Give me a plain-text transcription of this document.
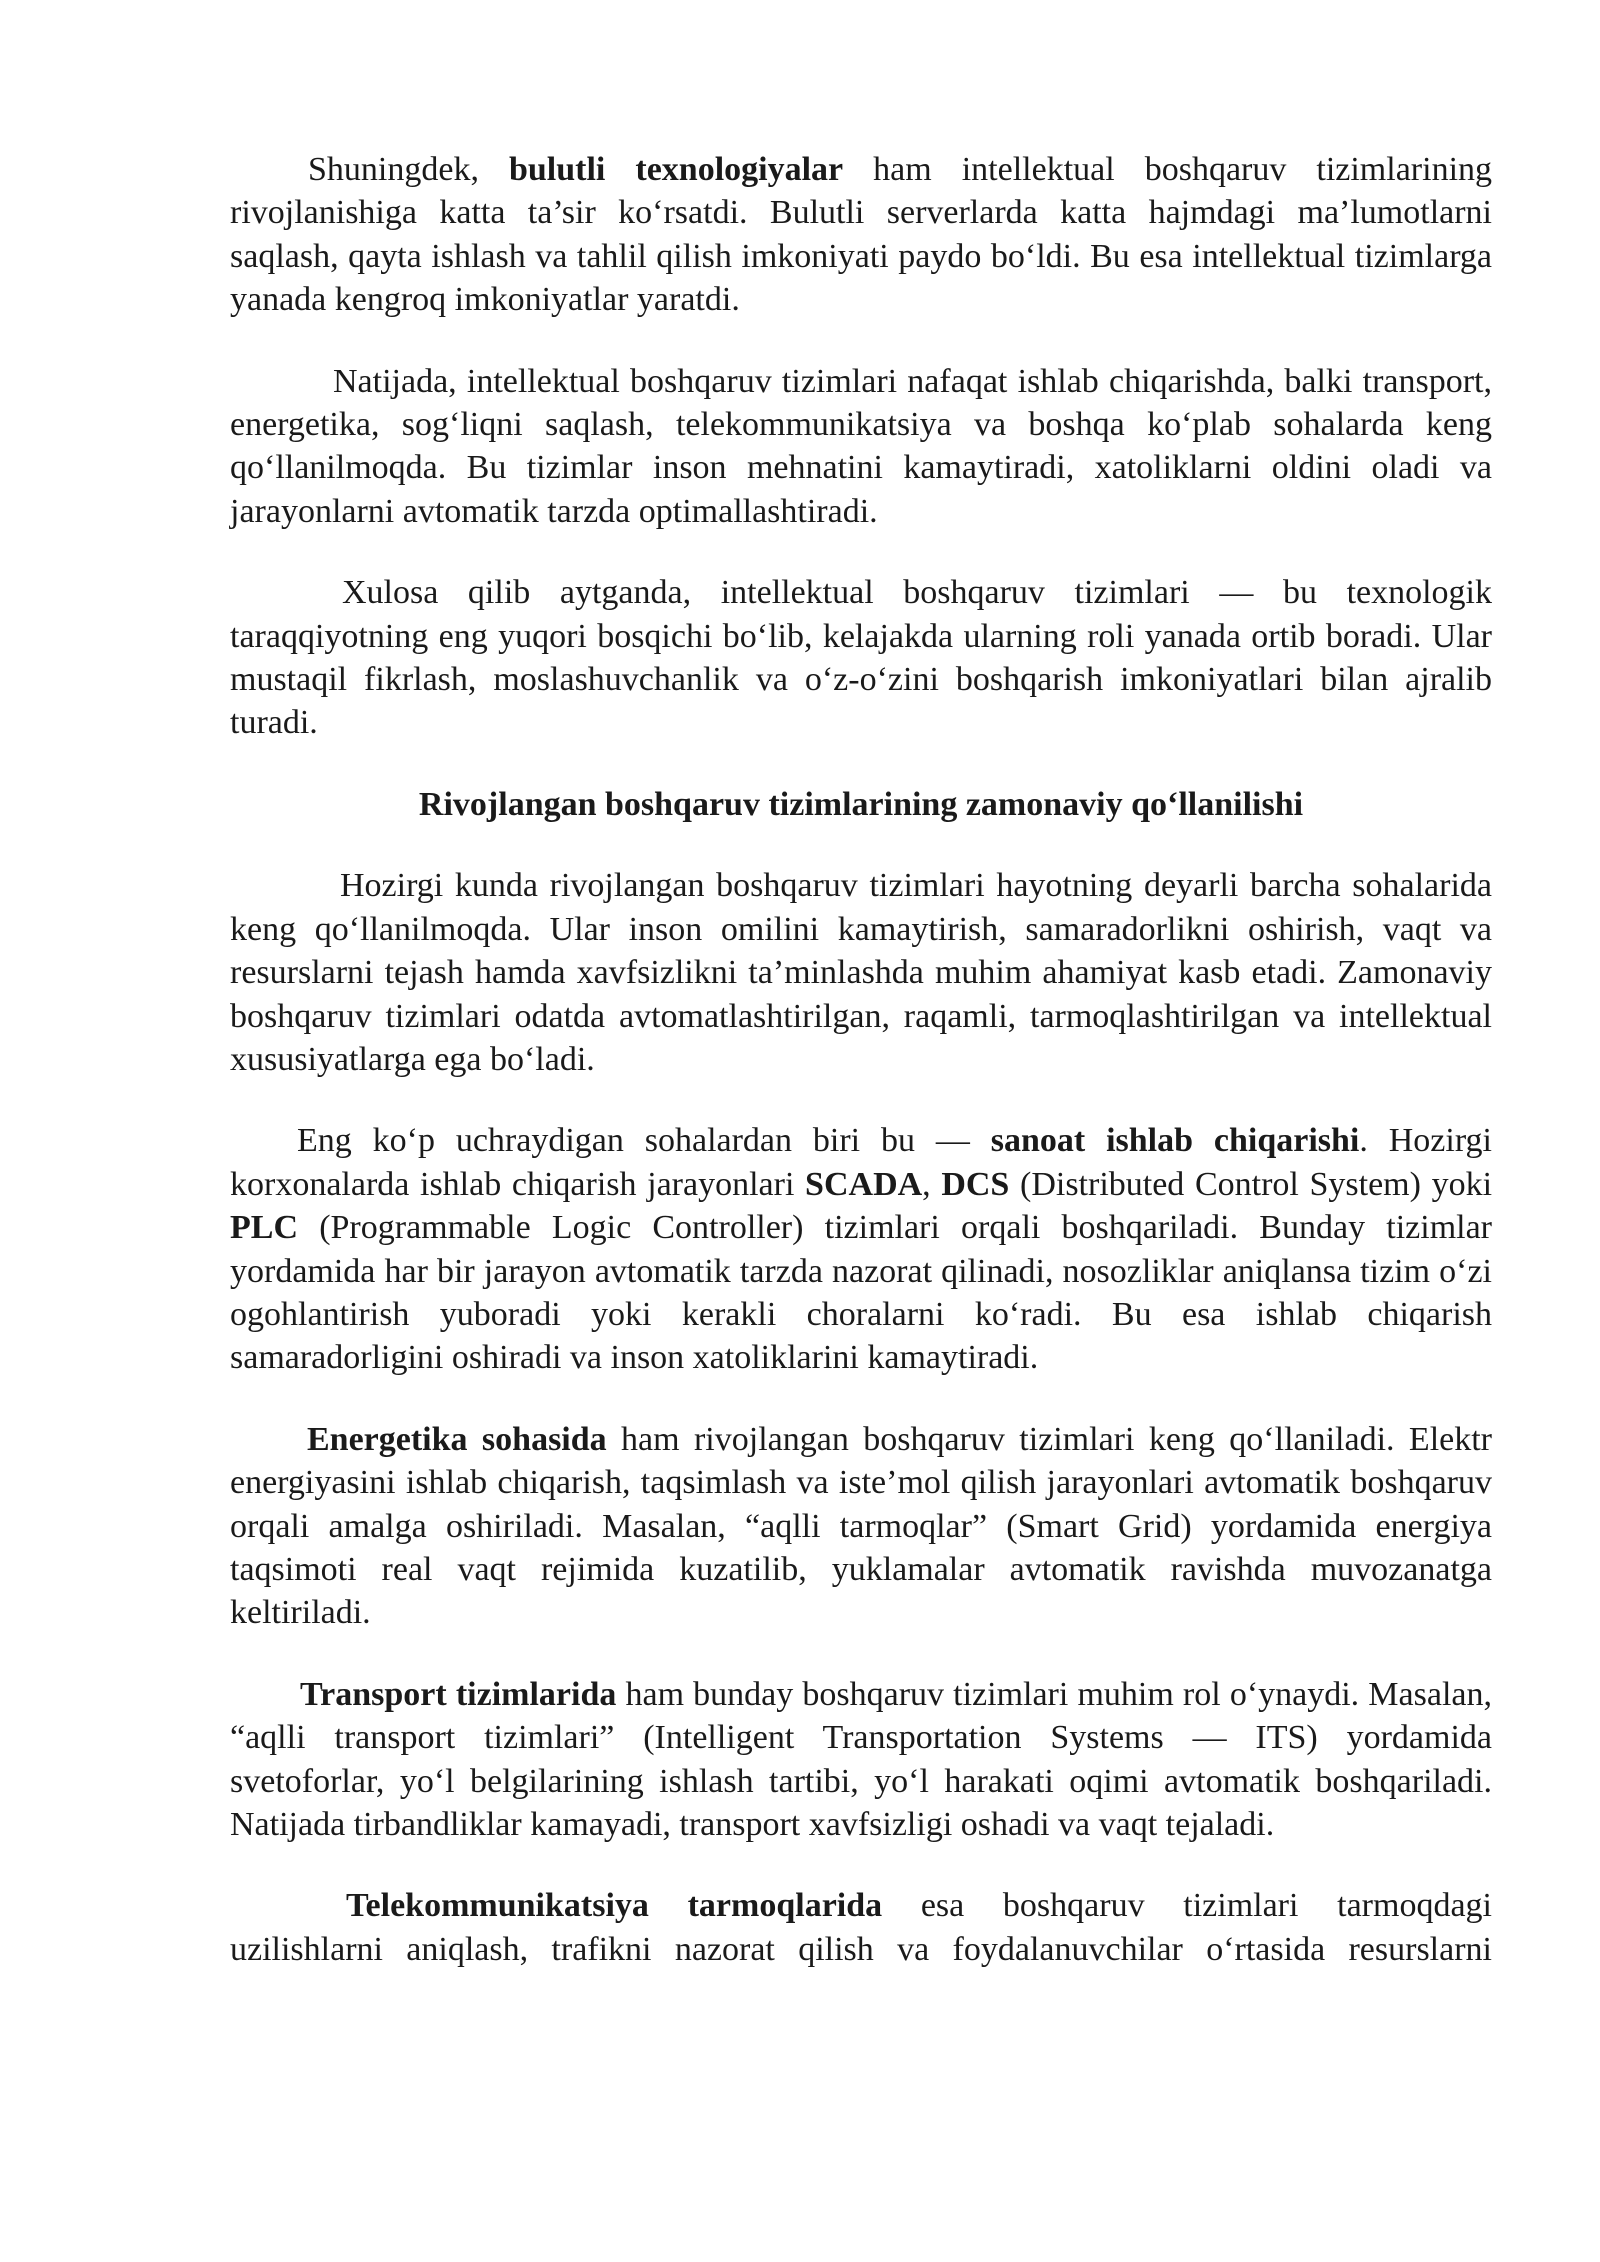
Shuningdek, bulutli texnologiyalar ham intellektual boshqaruv tizimlarining rivojlanishiga katta ta’sir ko‘rsatdi. Bulutli serverlarda katta hajmdagi ma’lumotlarni saqlash, qayta ishlash va tahlil qilish imkoniyati paydo bo‘ldi. Bu esa intellektual tizimlarga yanada kengroq imkoniyatlar yaratdi.

Natijada, intellektual boshqaruv tizimlari nafaqat ishlab chiqarishda, balki transport, energetika, sog‘liqni saqlash, telekommunikatsiya va boshqa ko‘plab sohalarda keng qo‘llanilmoqda. Bu tizimlar inson mehnatini kamaytiradi, xatoliklarni oldini oladi va jarayonlarni avtomatik tarzda optimallashtiradi.

Xulosa qilib aytganda, intellektual boshqaruv tizimlari — bu texnologik taraqqiyotning eng yuqori bosqichi bo‘lib, kelajakda ularning roli yanada ortib boradi. Ular mustaqil fikrlash, moslashuvchanlik va o‘z-o‘zini boshqarish imkoniyatlari bilan ajralib turadi.

Rivojlangan boshqaruv tizimlarining zamonaviy qo‘llanilishi

Hozirgi kunda rivojlangan boshqaruv tizimlari hayotning deyarli barcha sohalarida keng qo‘llanilmoqda. Ular inson omilini kamaytirish, samaradorlikni oshirish, vaqt va resurslarni tejash hamda xavfsizlikni ta’minlashda muhim ahamiyat kasb etadi. Zamonaviy boshqaruv tizimlari odatda avtomatlashtirilgan, raqamli, tarmoqlashtirilgan va intellektual xususiyatlarga ega bo‘ladi.

Eng ko‘p uchraydigan sohalardan biri bu — sanoat ishlab chiqarishi. Hozirgi korxonalarda ishlab chiqarish jarayonlari SCADA, DCS (Distributed Control System) yoki PLC (Programmable Logic Controller) tizimlari orqali boshqariladi. Bunday tizimlar yordamida har bir jarayon avtomatik tarzda nazorat qilinadi, nosozliklar aniqlansa tizim o‘zi ogohlantirish yuboradi yoki kerakli choralarni ko‘radi. Bu esa ishlab chiqarish samaradorligini oshiradi va inson xatoliklarini kamaytiradi.

Energetika sohasida ham rivojlangan boshqaruv tizimlari keng qo‘llaniladi. Elektr energiyasini ishlab chiqarish, taqsimlash va iste’mol qilish jarayonlari avtomatik boshqaruv orqali amalga oshiriladi. Masalan, “aqlli tarmoqlar” (Smart Grid) yordamida energiya taqsimoti real vaqt rejimida kuzatilib, yuklamalar avtomatik ravishda muvozanatga keltiriladi.

Transport tizimlarida ham bunday boshqaruv tizimlari muhim rol o‘ynaydi. Masalan, “aqlli transport tizimlari” (Intelligent Transportation Systems — ITS) yordamida svetoforlar, yo‘l belgilarining ishlash tartibi, yo‘l harakati oqimi avtomatik boshqariladi. Natijada tirbandliklar kamayadi, transport xavfsizligi oshadi va vaqt tejaladi.

Telekommunikatsiya tarmoqlarida esa boshqaruv tizimlari tarmoqdagi uzilishlarni aniqlash, trafikni nazorat qilish va foydalanuvchilar o‘rtasida resurslarni
